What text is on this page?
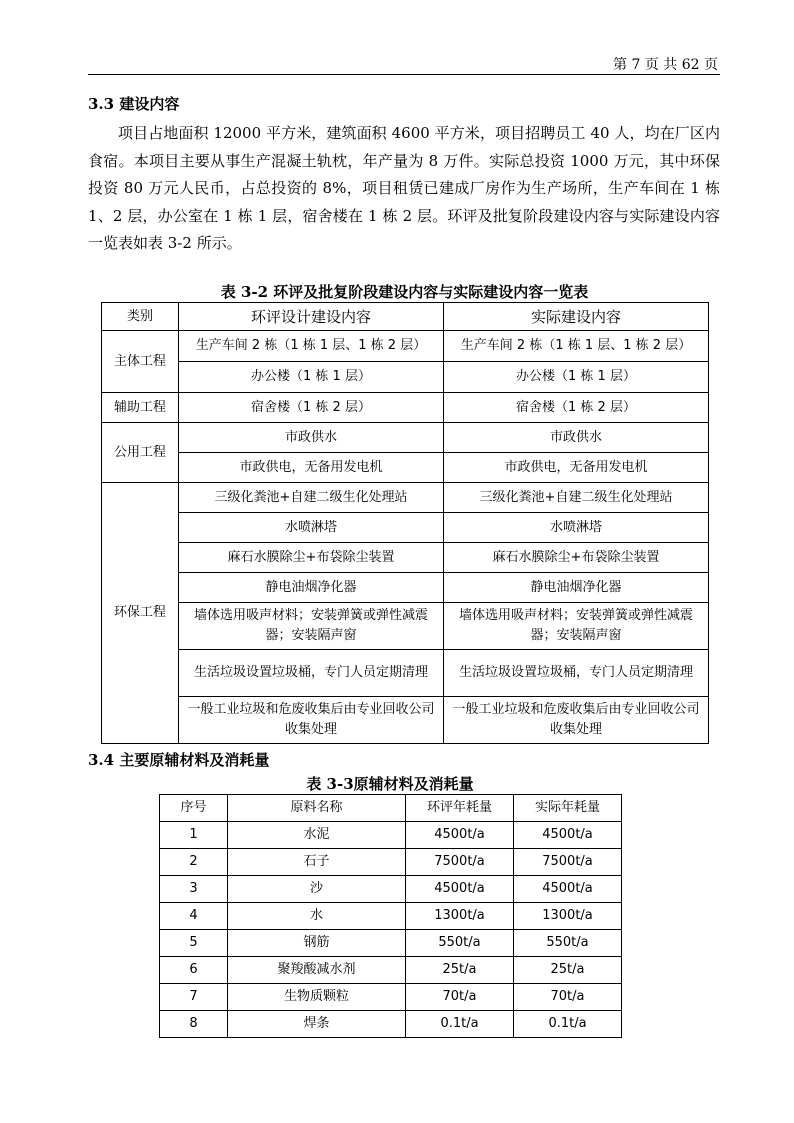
第 7 页 共 62 页
3.3 建设内容
项目占地面积 12000 平方米，建筑面积 4600 平方米，项目招聘员工 40 人，均在厂区内食宿。本项目主要从事生产混凝土轨枕，年产量为 8 万件。实际总投资 1000 万元，其中环保投资 80 万元人民币，占总投资的 8%，项目租赁已建成厂房作为生产场所，生产车间在 1 栋 1、2 层，办公室在 1 栋 1 层，宿舍楼在 1 栋 2 层。环评及批复阶段建设内容与实际建设内容一览表如表 3-2 所示。
表 3-2 环评及批复阶段建设内容与实际建设内容一览表
类别	环评设计建设内容	实际建设内容
主体工程	生产车间 2 栋（1 栋 1 层、1 栋 2 层）	生产车间 2 栋（1 栋 1 层、1 栋 2 层）
	办公楼（1 栋 1 层）	办公楼（1 栋 1 层）
辅助工程	宿舍楼（1 栋 2 层）	宿舍楼（1 栋 2 层）
公用工程	市政供水	市政供水
	市政供电，无备用发电机	市政供电，无备用发电机
环保工程	三级化粪池+自建二级生化处理站	三级化粪池+自建二级生化处理站
	水喷淋塔	水喷淋塔
	麻石水膜除尘+布袋除尘装置	麻石水膜除尘+布袋除尘装置
	静电油烟净化器	静电油烟净化器
	墙体选用吸声材料；安装弹簧或弹性减震器；安装隔声窗	墙体选用吸声材料；安装弹簧或弹性减震器；安装隔声窗
	生活垃圾设置垃圾桶，专门人员定期清理	生活垃圾设置垃圾桶，专门人员定期清理
	一般工业垃圾和危废收集后由专业回收公司收集处理	一般工业垃圾和危废收集后由专业回收公司收集处理
3.4 主要原辅材料及消耗量
表 3-3原辅材料及消耗量
序号	原料名称	环评年耗量	实际年耗量
1	水泥	4500t/a	4500t/a
2	石子	7500t/a	7500t/a
3	沙	4500t/a	4500t/a
4	水	1300t/a	1300t/a
5	钢筋	550t/a	550t/a
6	聚羧酸减水剂	25t/a	25t/a
7	生物质颗粒	70t/a	70t/a
8	焊条	0.1t/a	0.1t/a
